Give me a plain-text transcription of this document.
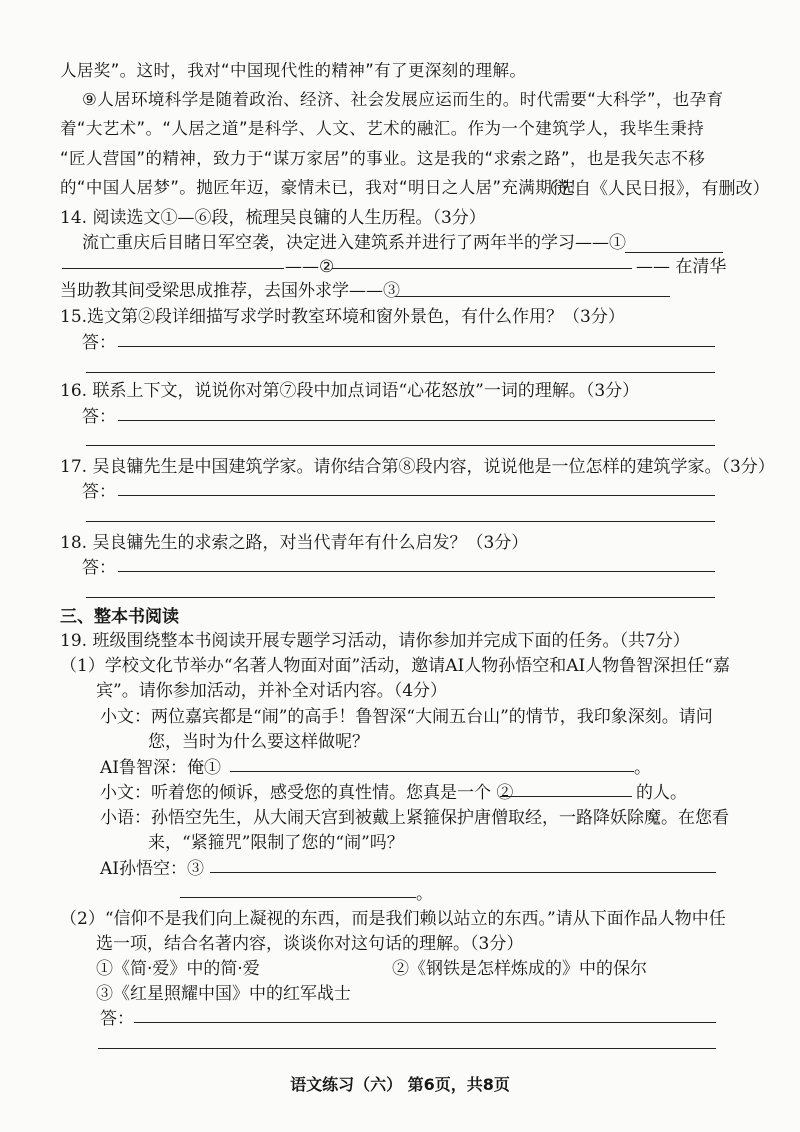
人居奖”。这时，我对“中国现代性的精神”有了更深刻的理解。
⑨人居环境科学是随着政治、经济、社会发展应运而生的。时代需要“大科学”，也孕育
着“大艺术”。“人居之道”是科学、人文、艺术的融汇。作为一个建筑学人，我毕生秉持
“匠人营国”的精神，致力于“谋万家居”的事业。这是我的“求索之路”，也是我矢志不移
的“中国人居梦”。抛匠年迈，豪情未已，我对“明日之人居”充满期待！
（选自《人民日报》，有删改）
14. 阅读选文①—⑥段，梳理吴良镛的人生历程。（3分）
流亡重庆后目睹日军空袭，决定进入建筑系并进行了两年半的学习——①
——②	—— 在清华
当助教其间受梁思成推荐，去国外求学——③
15.选文第②段详细描写求学时教室环境和窗外景色，有什么作用？（3分）
答：
16. 联系上下文，说说你对第⑦段中加点词语“心花怒放”一词的理解。（3分）
答：
17. 吴良镛先生是中国建筑学家。请你结合第⑧段内容，说说他是一位怎样的建筑学家。（3分）
答：
18. 吴良镛先生的求索之路，对当代青年有什么启发？（3分）
答：
三、整本书阅读
19. 班级围绕整本书阅读开展专题学习活动，请你参加并完成下面的任务。（共7分）
（1）学校文化节举办“名著人物面对面”活动，邀请AI人物孙悟空和AI人物鲁智深担任“嘉
宾”。请你参加活动，并补全对话内容。（4分）
小文：两位嘉宾都是“闹”的高手！鲁智深“大闹五台山”的情节，我印象深刻。请问
您，当时为什么要这样做呢？
AI鲁智深：俺①	。
小文：听着您的倾诉，感受您的真性情。您真是一个 ②	的人。
小语：孙悟空先生，从大闹天宫到被戴上紧箍保护唐僧取经，一路降妖除魔。在您看
来，“紧箍咒”限制了您的“闹”吗？
AI孙悟空：③
。
（2）“信仰不是我们向上凝视的东西，而是我们赖以站立的东西。”请从下面作品人物中任
选一项，结合名著内容，谈谈你对这句话的理解。（3分）
①《简·爱》中的简·爱	②《钢铁是怎样炼成的》中的保尔
③《红星照耀中国》中的红军战士
答：
语文练习（六） 第6页，共8页
